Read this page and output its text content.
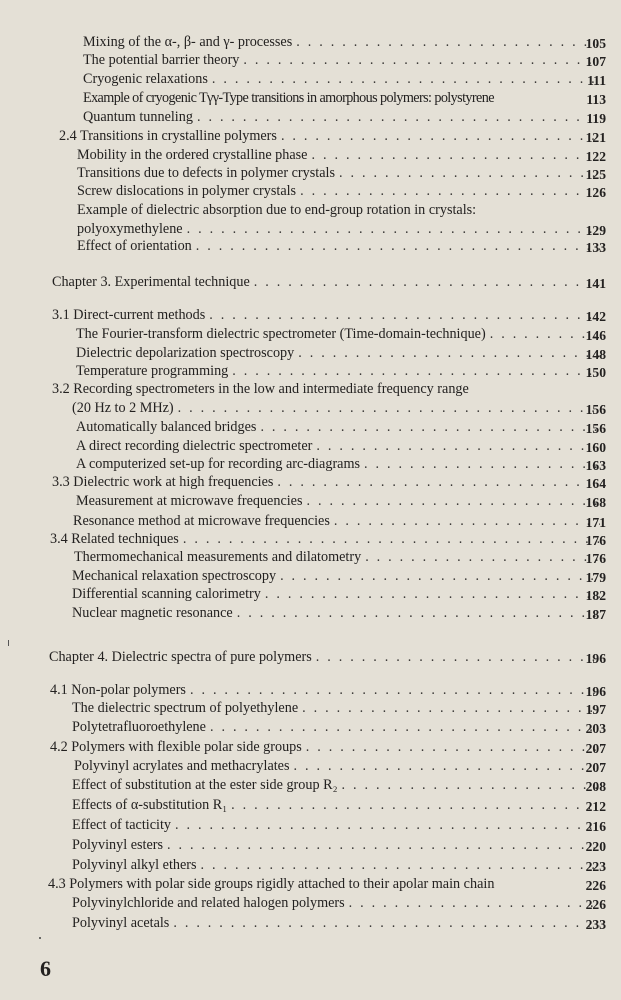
Mixing of the α-, β- and γ- processes . . .	105
The potential barrier theory . . .	107
Cryogenic relaxations . . .	111
Example of cryogenic Tγγ-Type transitions in amorphous polymers: polystyrene	113
Quantum tunneling . . .	119
2.4 Transitions in crystalline polymers . . .	121
Mobility in the ordered crystalline phase . . .	122
Transitions due to defects in polymer crystals . . .	125
Screw dislocations in polymer crystals . . .	126
Example of dielectric absorption due to end-group rotation in crystals:
polyoxymethylene . . .	129
Effect of orientation . . .	133
Chapter 3. Experimental technique . . .	141
3.1 Direct-current methods . . .	142
The Fourier-transform dielectric spectrometer (Time-domain-technique) . . .	146
Dielectric depolarization spectroscopy . . .	148
Temperature programming . . .	150
3.2 Recording spectrometers in the low and intermediate frequency range
(20 Hz to 2 MHz) . . .	156
Automatically balanced bridges . . .	156
A direct recording dielectric spectrometer . . .	160
A computerized set-up for recording arc-diagrams . . .	163
3.3 Dielectric work at high frequencies . . .	164
Measurement at microwave frequencies . . .	168
Resonance method at microwave frequencies . . .	171
3.4 Related techniques . . .	176
Thermomechanical measurements and dilatometry . . .	176
Mechanical relaxation spectroscopy . . .	179
Differential scanning calorimetry . . .	182
Nuclear magnetic resonance . . .	187
Chapter 4. Dielectric spectra of pure polymers . . .	196
4.1 Non-polar polymers . . .	196
The dielectric spectrum of polyethylene . . .	197
Polytetrafluoroethylene . . .	203
4.2 Polymers with flexible polar side groups . . .	207
Polyvinyl acrylates and methacrylates . . .	207
Effect of substitution at the ester side group R₂ . . .	208
Effects of α-substitution R₁ . . .	212
Effect of tacticity . . .	216
Polyvinyl esters . . .	220
Polyvinyl alkyl ethers . . .	223
4.3 Polymers with polar side groups rigidly attached to their apolar main chain	226
Polyvinylchloride and related halogen polymers . . .	226
Polyvinyl acetals . . .	233
6
